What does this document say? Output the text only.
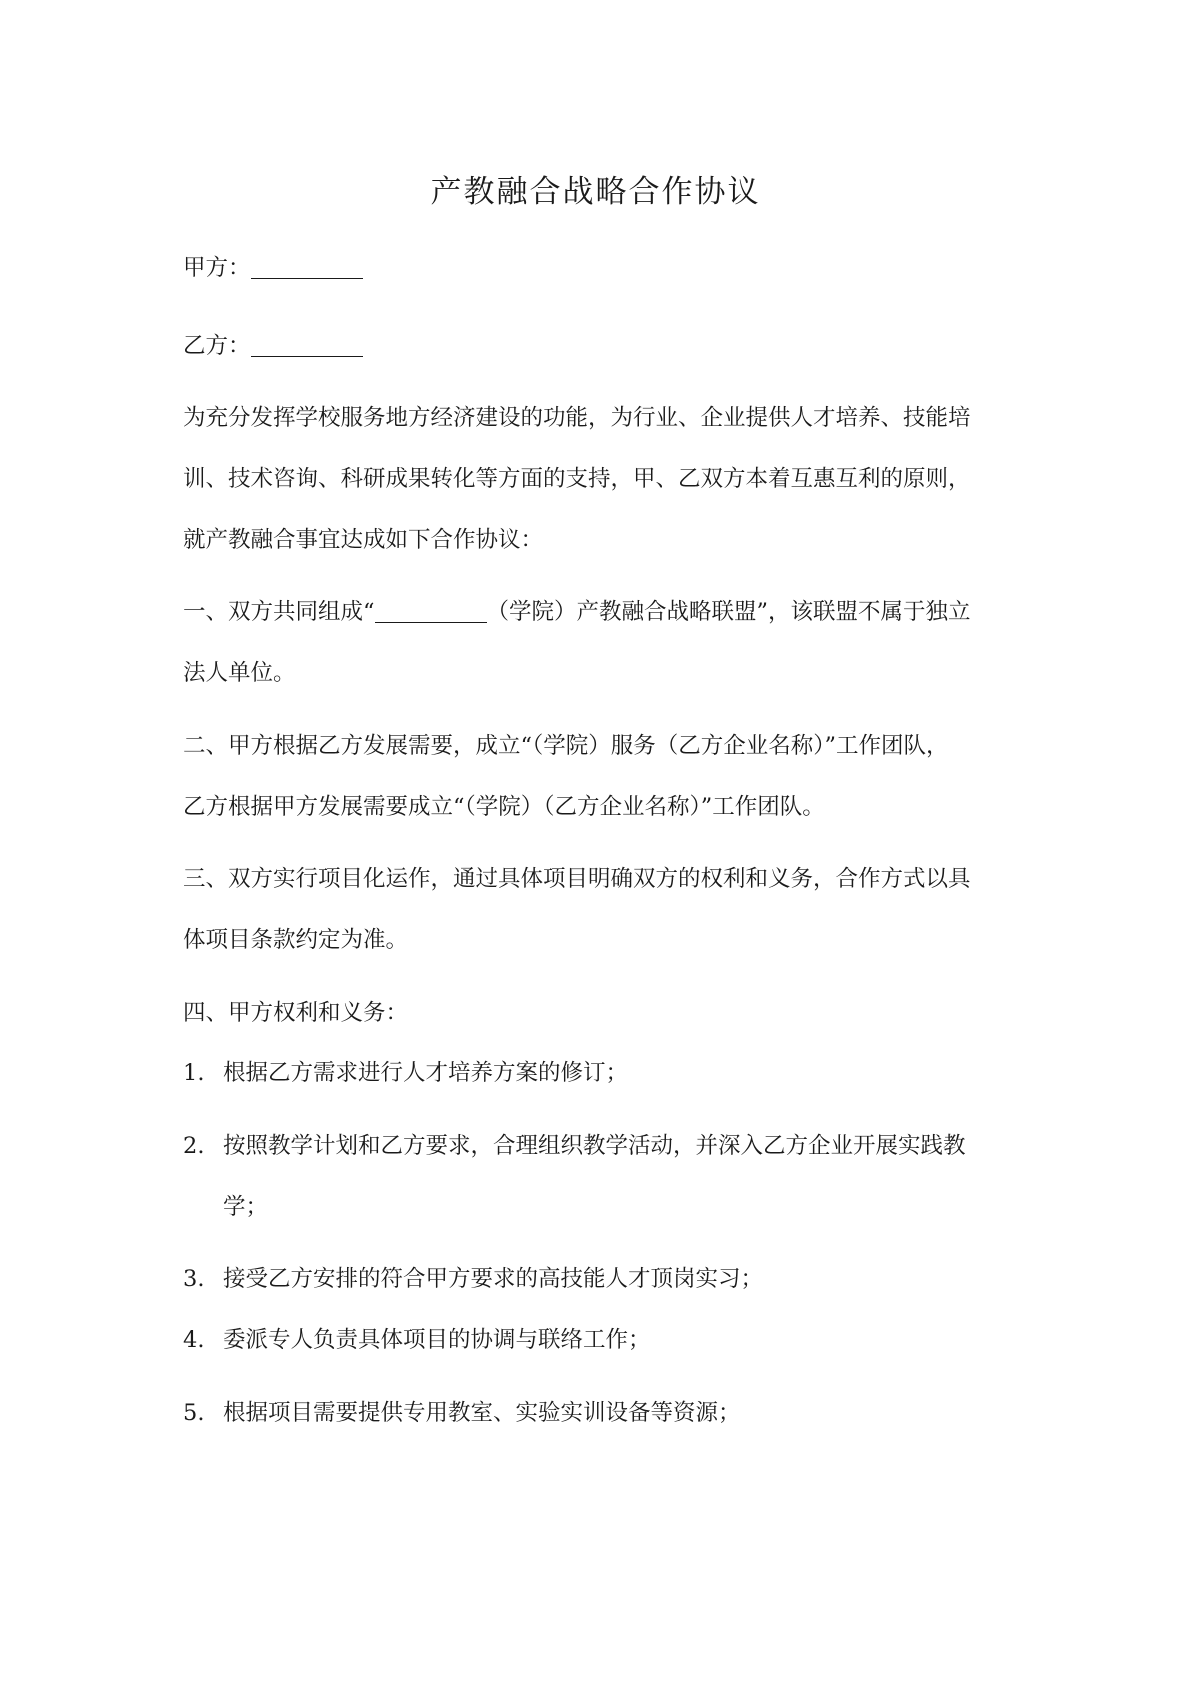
产教融合战略合作协议

甲方：

乙方：

为充分发挥学校服务地方经济建设的功能，为行业、企业提供人才培养、技能培

训、技术咨询、科研成果转化等方面的支持，甲、乙双方本着互惠互利的原则，

就产教融合事宜达成如下合作协议：

一、双方共同组成“	（学院）产教融合战略联盟”，该联盟不属于独立

法人单位。

二、甲方根据乙方发展需要，成立“（学院）服务（乙方企业名称）”工作团队，

乙方根据甲方发展需要成立“（学院）（乙方企业名称）”工作团队。

三、双方实行项目化运作，通过具体项目明确双方的权利和义务，合作方式以具

体项目条款约定为准。

四、甲方权利和义务：

1. 根据乙方需求进行人才培养方案的修订；
2. 按照教学计划和乙方要求，合理组织教学活动，并深入乙方企业开展实践教
学；
3. 接受乙方安排的符合甲方要求的高技能人才顶岗实习；
4. 委派专人负责具体项目的协调与联络工作；
5. 根据项目需要提供专用教室、实验实训设备等资源；
